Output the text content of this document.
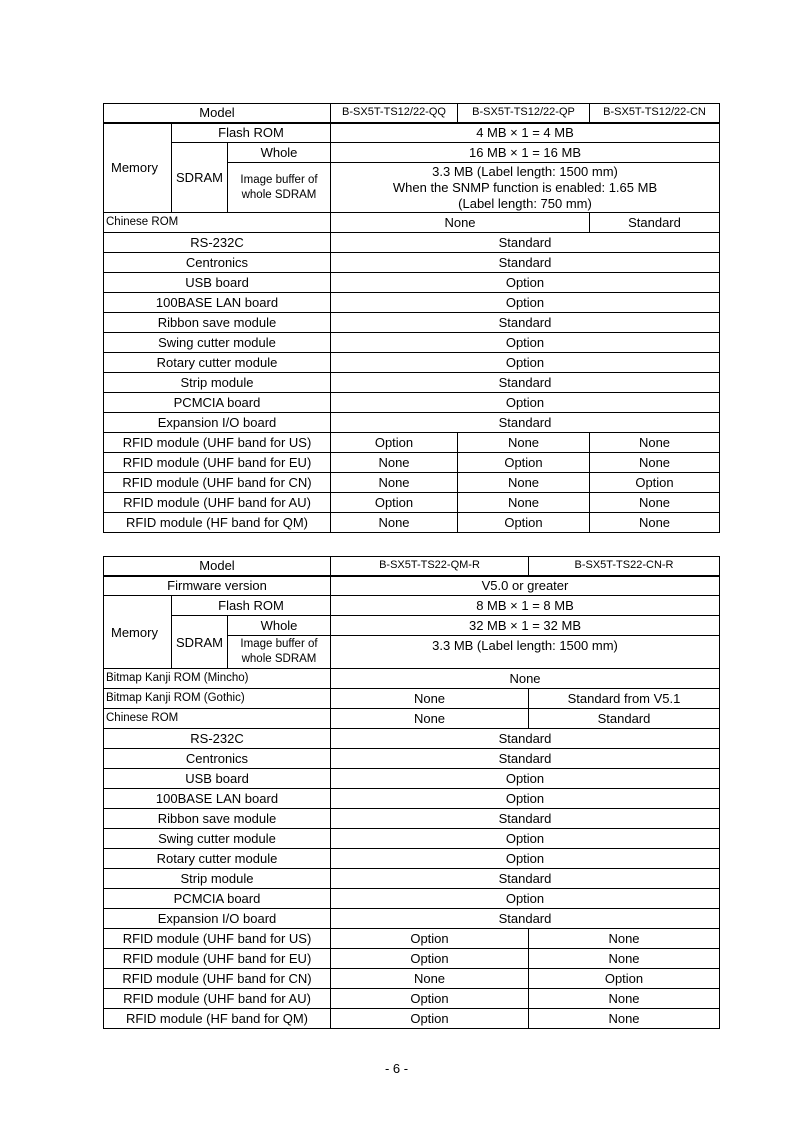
Model			B-SX5T-TS12/22-QQ	B-SX5T-TS12/22-QP	B-SX5T-TS12/22-CN
Memory	Flash ROM		4 MB × 1 = 4 MB		
	SDRAM	Whole	16 MB × 1 = 16 MB		
		Image buffer of whole SDRAM	3.3 MB (Label length: 1500 mm)
When the SNMP function is enabled: 1.65 MB
(Label length: 750 mm)		

Chinese ROM			None		Standard
RS-232C			Standard		
Centronics			Standard		
USB board			Option		
100BASE LAN board			Option		
Ribbon save module			Standard		
Swing cutter module			Option		
Rotary cutter module			Option		
Strip module			Standard		
PCMCIA board			Option		
Expansion I/O board			Standard		
RFID module (UHF band for US)			Option	None	None
RFID module (UHF band for EU)			None	Option	None
RFID module (UHF band for CN)			None	None	Option
RFID module (UHF band for AU)			Option	None	None
RFID module (HF band for QM)			None	Option	None
Model			B-SX5T-TS22-QM-R	B-SX5T-TS22-CN-R
Firmware version			V5.0 or greater	
Memory	Flash ROM		8 MB × 1 = 8 MB	
	SDRAM	Whole	32 MB × 1 = 32 MB	
		Image buffer of whole SDRAM	3.3 MB (Label length: 1500 mm)	
Bitmap Kanji ROM (Mincho)			None	
Bitmap Kanji ROM (Gothic)			None	Standard from V5.1
Chinese ROM			None	Standard
RS-232C			Standard	
Centronics			Standard	
USB board			Option	
100BASE LAN board			Option	
Ribbon save module			Standard	
Swing cutter module			Option	
Rotary cutter module			Option	
Strip module			Standard	
PCMCIA board			Option	
Expansion I/O board			Standard	
RFID module (UHF band for US)			Option	None
RFID module (UHF band for EU)			Option	None
RFID module (UHF band for CN)			None	Option
RFID module (UHF band for AU)			Option	None
RFID module (HF band for QM)			Option	None
- 6 -
